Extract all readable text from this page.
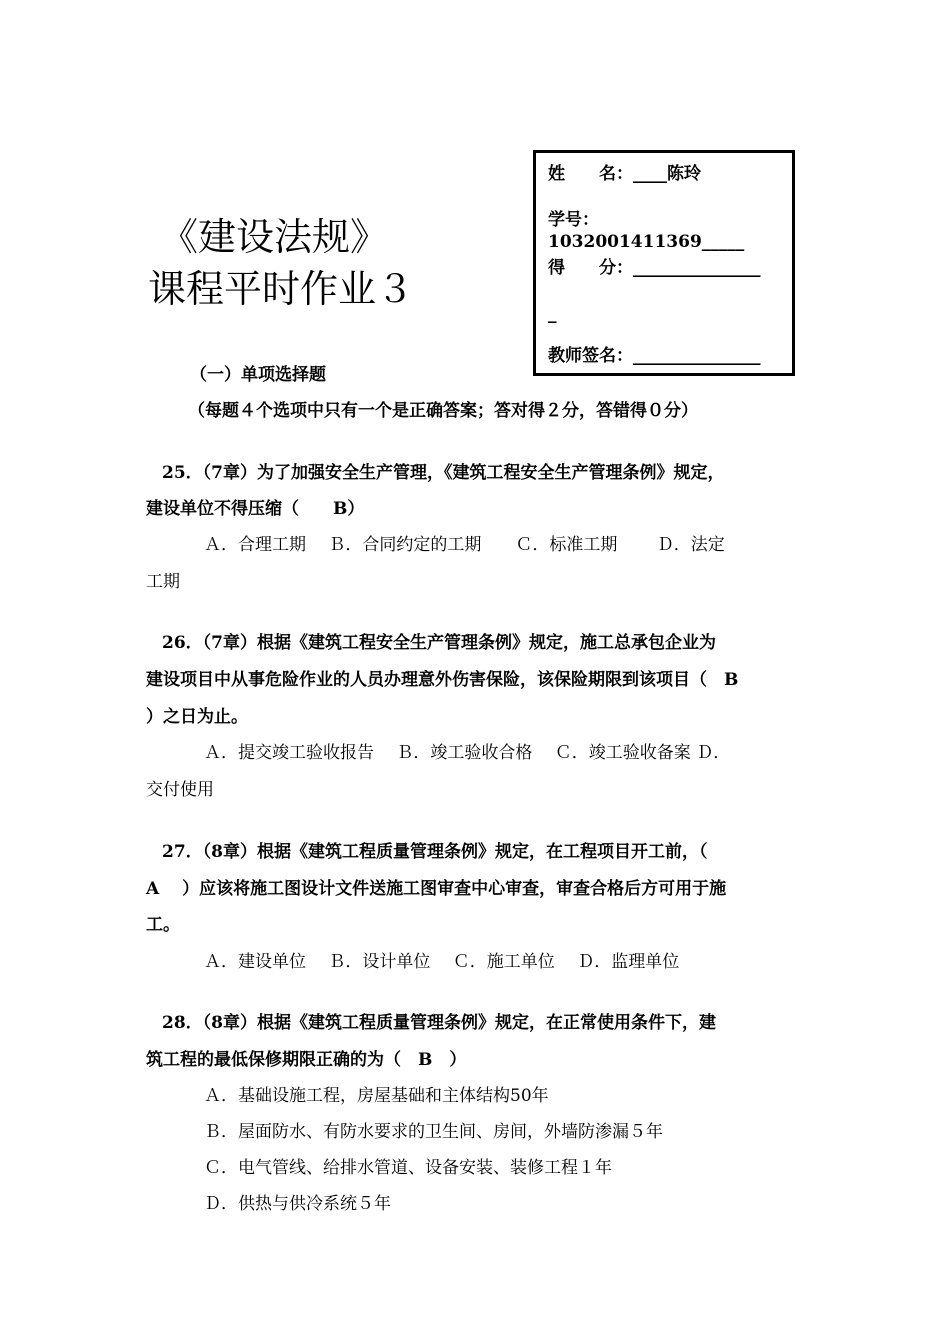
《建设法规》
课程平时作业３
姓　　名：____陈玲
学号：1032001411369_____
得　　分：_______________
_
教师签名：_______________
（一）单项选择题
（每题４个选项中只有一个是正确答案；答对得２分，答错得０分）
25．（7章）为了加强安全生产管理，《建筑工程安全生产管理条例》规定，
建设单位不得压缩（　　B）
Ａ．合理工期　 Ｂ．合同约定的工期　　Ｃ．标准工期　　 Ｄ．法定
工期
26．（7章）根据《建筑工程安全生产管理条例》规定，施工总承包企业为
建设项目中从事危险作业的人员办理意外伤害保险，该保险期限到该项目（　B
）之日为止。
Ａ．提交竣工验收报告　 Ｂ．竣工验收合格　 Ｃ．竣工验收备案 Ｄ．
交付使用
27．（8章）根据《建筑工程质量管理条例》规定，在工程项目开工前，（
A　 ）应该将施工图设计文件送施工图审查中心审查，审查合格后方可用于施
工。
Ａ．建设单位　 Ｂ．设计单位　 Ｃ．施工单位　 Ｄ．监理单位
28．（8章）根据《建筑工程质量管理条例》规定，在正常使用条件下，建
筑工程的最低保修期限正确的为（　B　）
Ａ．基础设施工程，房屋基础和主体结构50年
Ｂ．屋面防水、有防水要求的卫生间、房间，外墙防渗漏５年
Ｃ．电气管线、给排水管道、设备安装、装修工程１年
Ｄ．供热与供冷系统５年
